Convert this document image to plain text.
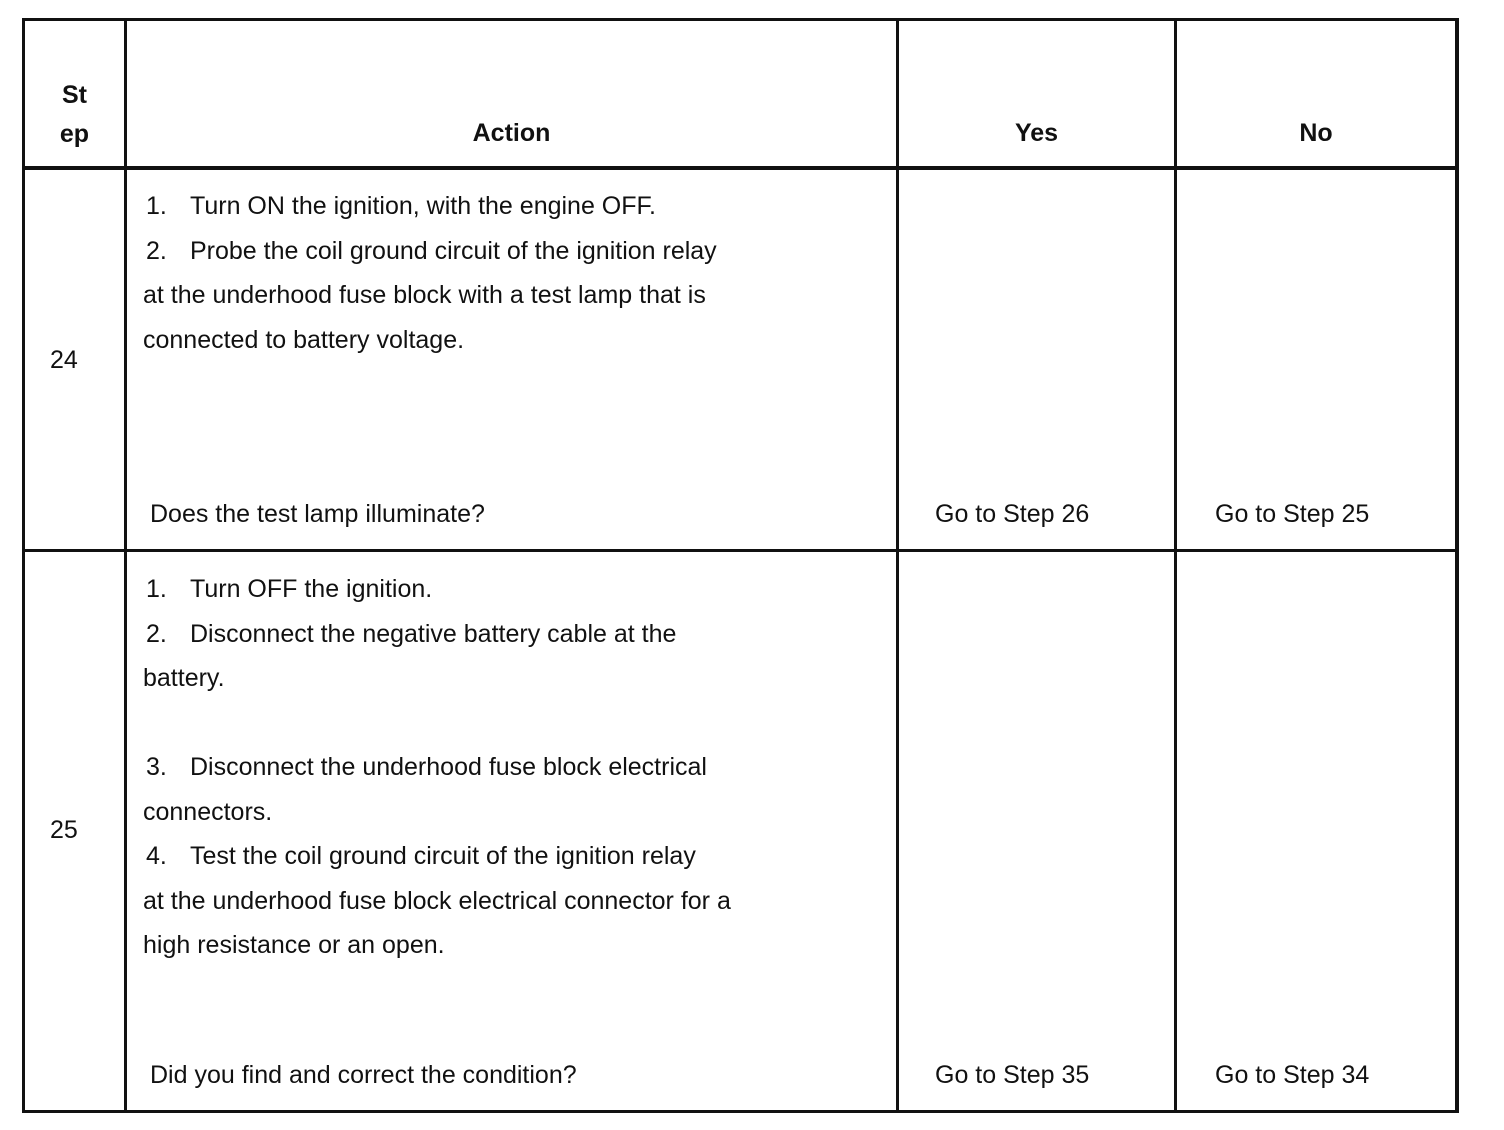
St
ep	Action	Yes	No
24
1. Turn ON the ignition, with the engine OFF.
2. Probe the coil ground circuit of the ignition relay
at the underhood fuse block with a test lamp that is
connected to battery voltage.
Does the test lamp illuminate?	Go to Step 26	Go to Step 25
25
1. Turn OFF the ignition.
2. Disconnect the negative battery cable at the
battery.
3. Disconnect the underhood fuse block electrical
connectors.
4. Test the coil ground circuit of the ignition relay
at the underhood fuse block electrical connector for a
high resistance or an open.
Did you find and correct the condition?	Go to Step 35	Go to Step 34
